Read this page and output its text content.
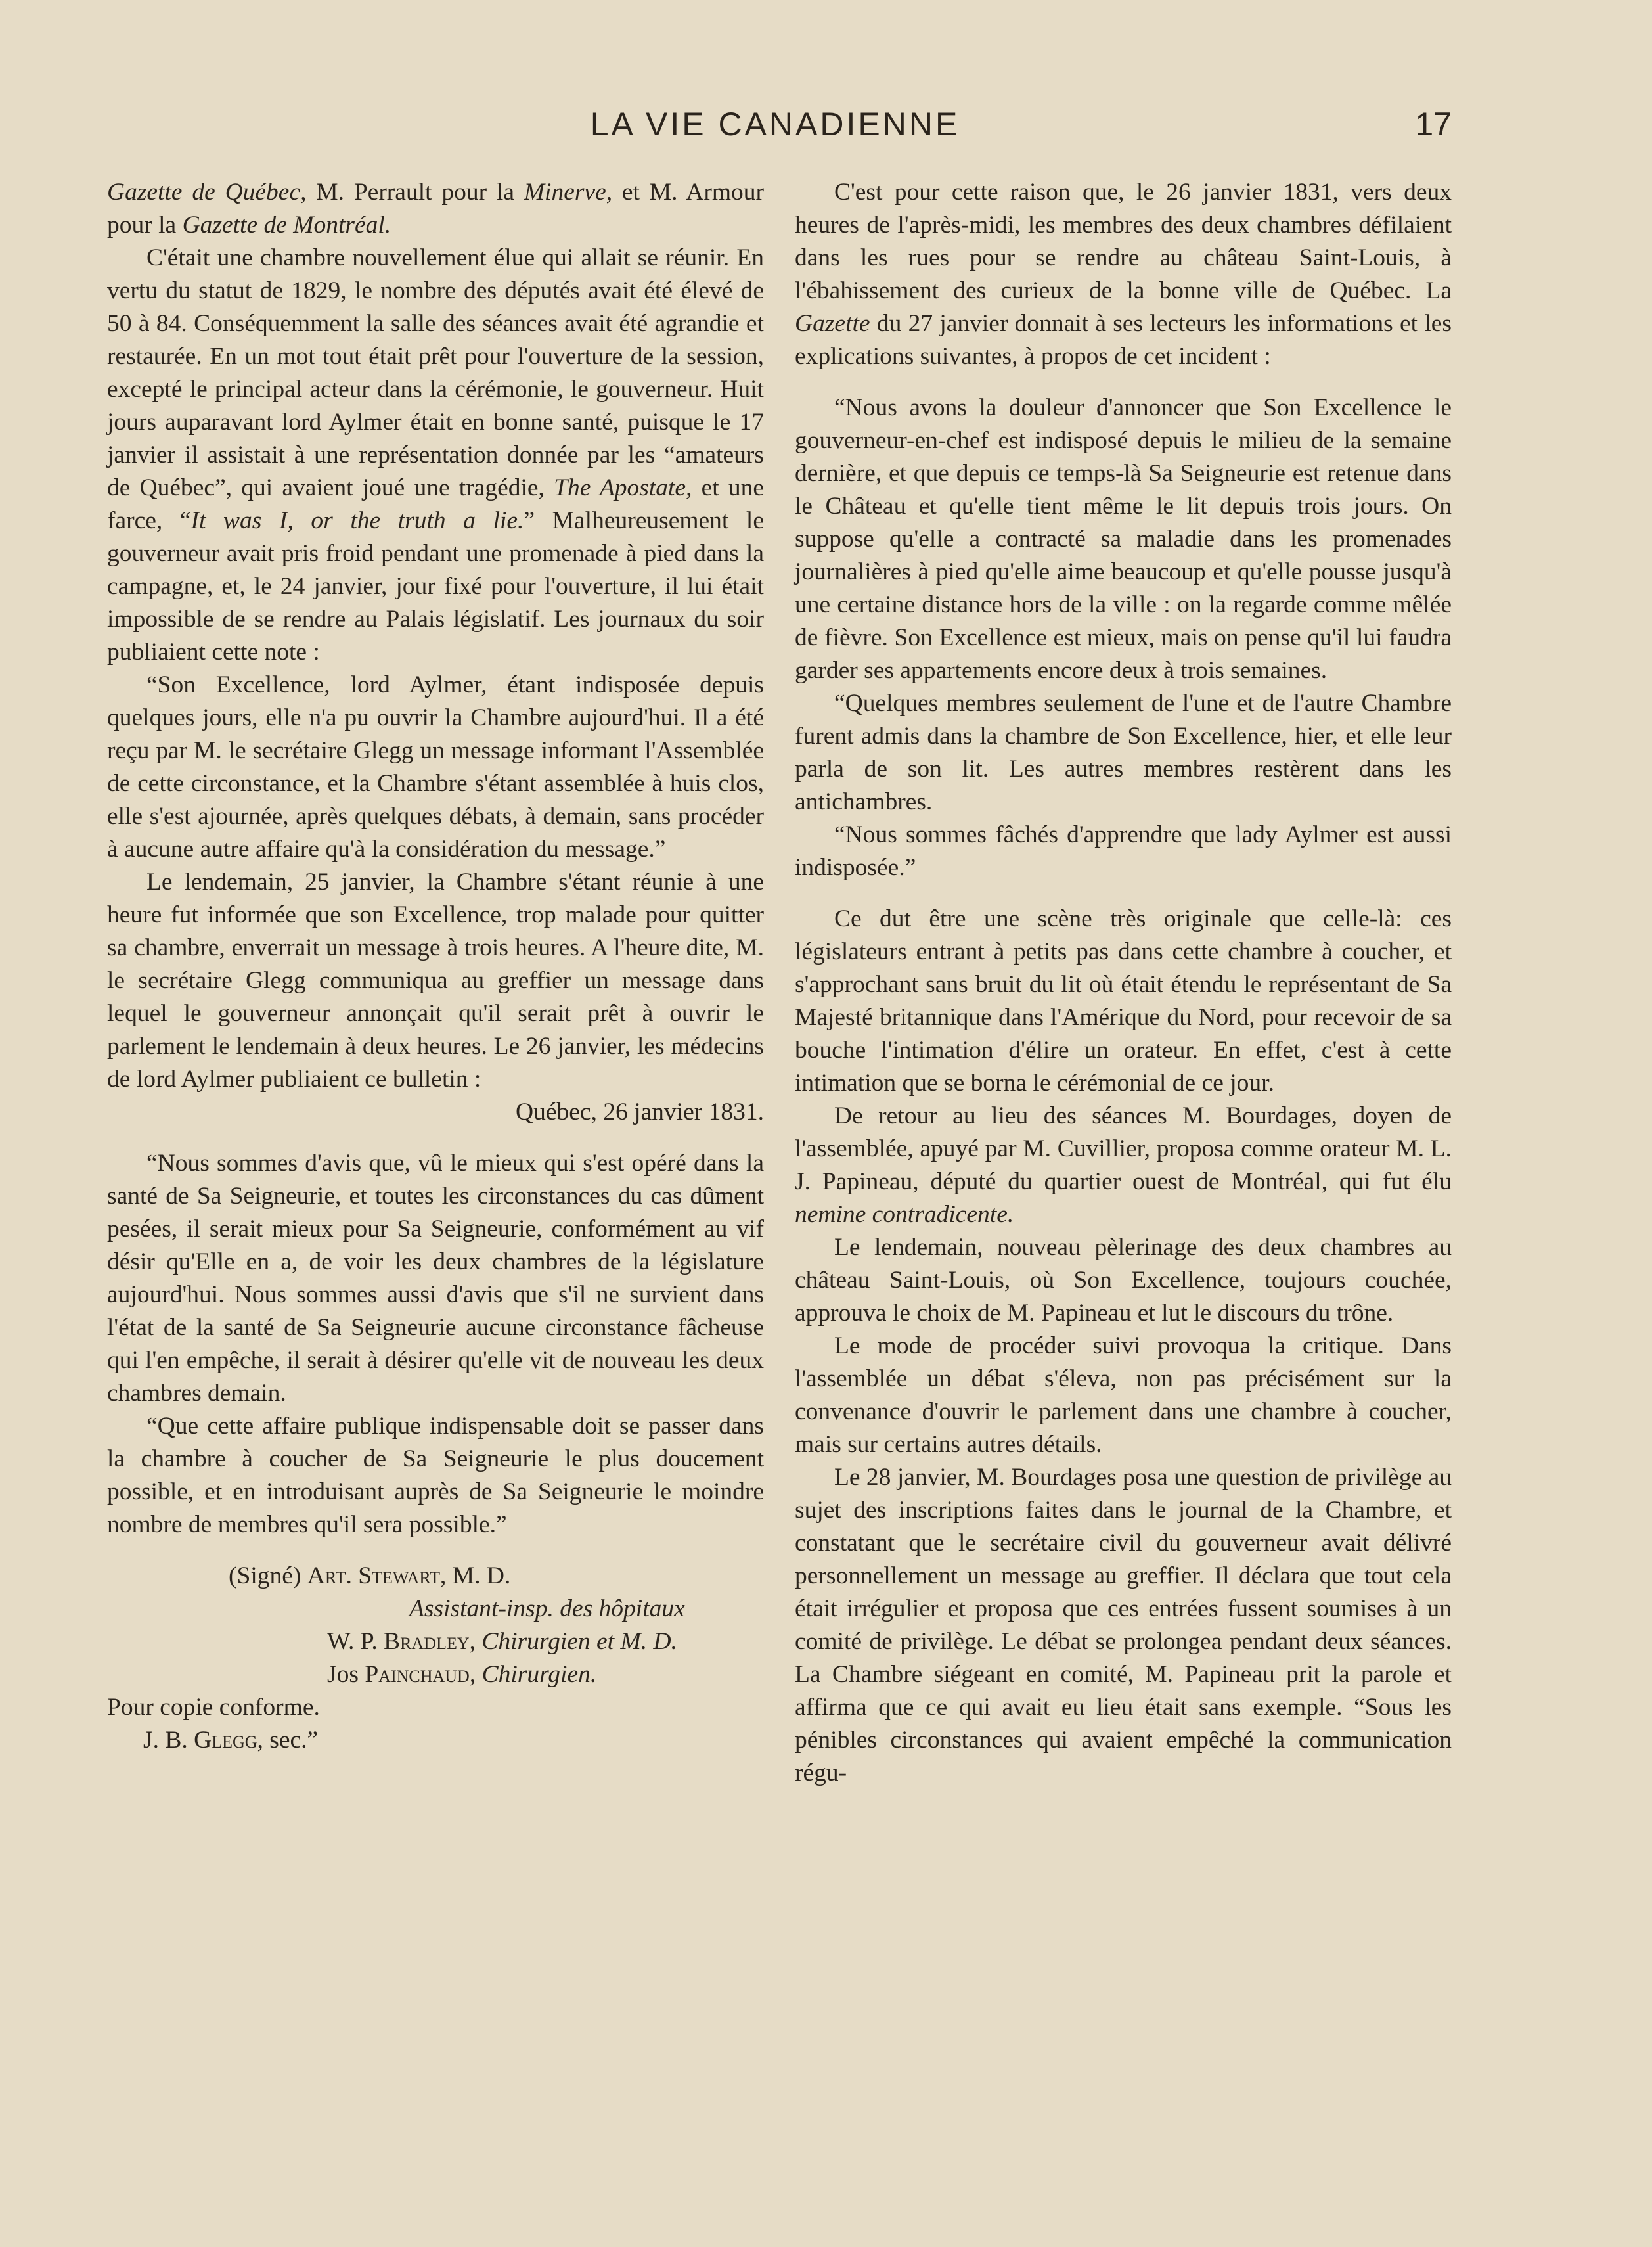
LA VIE CANADIENNE	17

Gazette de Québec, M. Perrault pour la Minerve, et M. Armour pour la Gazette de Montréal.

C'était une chambre nouvellement élue qui allait se réunir. En vertu du statut de 1829, le nombre des députés avait été élevé de 50 à 84. Conséquemment la salle des séances avait été agrandie et restaurée. En un mot tout était prêt pour l'ouverture de la session, excepté le principal acteur dans la cérémonie, le gouverneur. Huit jours auparavant lord Aylmer était en bonne santé, puisque le 17 janvier il assistait à une représentation donnée par les “amateurs de Québec”, qui avaient joué une tragédie, The Apostate, et une farce, “It was I, or the truth a lie.” Malheureusement le gouverneur avait pris froid pendant une promenade à pied dans la campagne, et, le 24 janvier, jour fixé pour l'ouverture, il lui était impossible de se rendre au Palais législatif. Les journaux du soir publiaient cette note :

“Son Excellence, lord Aylmer, étant indisposée depuis quelques jours, elle n'a pu ouvrir la Chambre aujourd'hui. Il a été reçu par M. le secrétaire Glegg un message informant l'Assemblée de cette circonstance, et la Chambre s'étant assemblée à huis clos, elle s'est ajournée, après quelques débats, à demain, sans procéder à aucune autre affaire qu'à la considération du message.”

Le lendemain, 25 janvier, la Chambre s'étant réunie à une heure fut informée que son Excellence, trop malade pour quitter sa chambre, enverrait un message à trois heures. A l'heure dite, M. le secrétaire Glegg communiqua au greffier un message dans lequel le gouverneur annonçait qu'il serait prêt à ouvrir le parlement le lendemain à deux heures. Le 26 janvier, les médecins de lord Aylmer publiaient ce bulletin :

Québec, 26 janvier 1831.

“Nous sommes d'avis que, vû le mieux qui s'est opéré dans la santé de Sa Seigneurie, et toutes les circonstances du cas dûment pesées, il serait mieux pour Sa Seigneurie, conformément au vif désir qu'Elle en a, de voir les deux chambres de la législature aujourd'hui. Nous sommes aussi d'avis que s'il ne survient dans l'état de la santé de Sa Seigneurie aucune circonstance fâcheuse qui l'en empêche, il serait à désirer qu'elle vit de nouveau les deux chambres demain.

“Que cette affaire publique indispensable doit se passer dans la chambre à coucher de Sa Seigneurie le plus doucement possible, et en introduisant auprès de Sa Seigneurie le moindre nombre de membres qu'il sera possible.”

(Signé) Art. Stewart, M. D.

Assistant-insp. des hôpitaux

W. P. Bradley, Chirurgien et M. D.

Jos Painchaud, Chirurgien.

Pour copie conforme.

J. B. Glegg, sec.”

C'est pour cette raison que, le 26 janvier 1831, vers deux heures de l'après-midi, les membres des deux chambres défilaient dans les rues pour se rendre au château Saint-Louis, à l'ébahissement des curieux de la bonne ville de Québec. La Gazette du 27 janvier donnait à ses lecteurs les informations et les explications suivantes, à propos de cet incident :

“Nous avons la douleur d'annoncer que Son Excellence le gouverneur-en-chef est indisposé depuis le milieu de la semaine dernière, et que depuis ce temps-là Sa Seigneurie est retenue dans le Château et qu'elle tient même le lit depuis trois jours. On suppose qu'elle a contracté sa maladie dans les promenades journalières à pied qu'elle aime beaucoup et qu'elle pousse jusqu'à une certaine distance hors de la ville : on la regarde comme mêlée de fièvre. Son Excellence est mieux, mais on pense qu'il lui faudra garder ses appartements encore deux à trois semaines.

“Quelques membres seulement de l'une et de l'autre Chambre furent admis dans la chambre de Son Excellence, hier, et elle leur parla de son lit. Les autres membres restèrent dans les antichambres.

“Nous sommes fâchés d'apprendre que lady Aylmer est aussi indisposée.”

Ce dut être une scène très originale que celle-là: ces législateurs entrant à petits pas dans cette chambre à coucher, et s'approchant sans bruit du lit où était étendu le représentant de Sa Majesté britannique dans l'Amérique du Nord, pour recevoir de sa bouche l'intimation d'élire un orateur. En effet, c'est à cette intimation que se borna le cérémonial de ce jour.

De retour au lieu des séances M. Bourdages, doyen de l'assemblée, apuyé par M. Cuvillier, proposa comme orateur M. L. J. Papineau, député du quartier ouest de Montréal, qui fut élu nemine contradicente.

Le lendemain, nouveau pèlerinage des deux chambres au château Saint-Louis, où Son Excellence, toujours couchée, approuva le choix de M. Papineau et lut le discours du trône.

Le mode de procéder suivi provoqua la critique. Dans l'assemblée un débat s'éleva, non pas précisément sur la convenance d'ouvrir le parlement dans une chambre à coucher, mais sur certains autres détails.

Le 28 janvier, M. Bourdages posa une question de privilège au sujet des inscriptions faites dans le journal de la Chambre, et constatant que le secrétaire civil du gouverneur avait délivré personnellement un message au greffier. Il déclara que tout cela était irrégulier et proposa que ces entrées fussent soumises à un comité de privilège. Le débat se prolongea pendant deux séances. La Chambre siégeant en comité, M. Papineau prit la parole et affirma que ce qui avait eu lieu était sans exemple. “Sous les pénibles circonstances qui avaient empêché la communication régu-
